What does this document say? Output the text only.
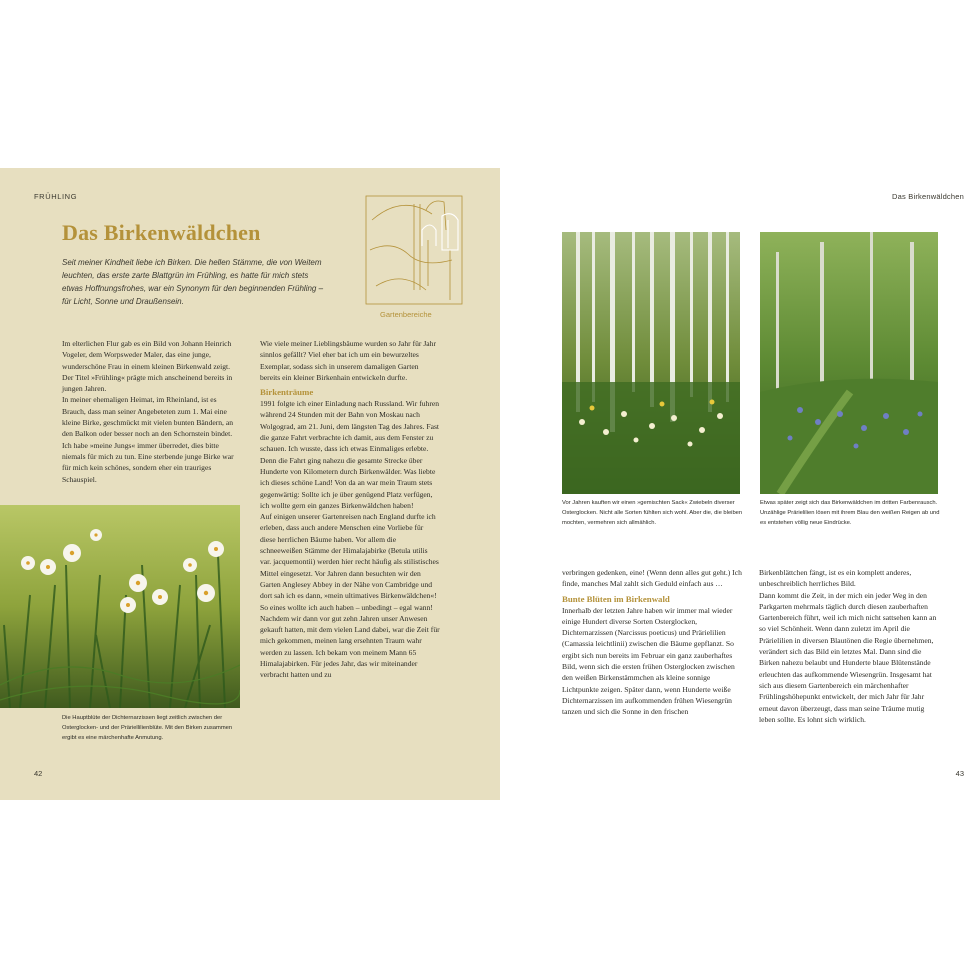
FRÜHLING
Das Birkenwäldchen
Seit meiner Kindheit liebe ich Birken. Die hellen Stämme, die von Weitem leuchten, das erste zarte Blattgrün im Frühling, es hatte für mich stets etwas Hoffnungsfrohes, war ein Synonym für den beginnenden Frühling – für Licht, Sonne und Draußensein.
Gartenbereiche

Im elterlichen Flur gab es ein Bild von Johann Heinrich Vogeler, dem Worpsweder Maler, das eine junge, wunderschöne Frau in einem kleinen Birkenwald zeigt. Der Titel »Frühling« prägte mich anscheinend bereits in jungen Jahren.

In meiner ehemaligen Heimat, im Rheinland, ist es Brauch, dass man seiner Angebeteten zum 1. Mai eine kleine Birke, geschmückt mit vielen bunten Bändern, an den Balkon oder besser noch an den Schornstein bindet. Ich habe »meine Jungs« immer überredet, dies bitte niemals für mich zu tun. Eine sterbende junge Birke war für mich kein schönes, sondern eher ein trauriges Schauspiel.

Wie viele meiner Lieblingsbäume wurden so Jahr für Jahr sinnlos gefällt? Viel eher bat ich um ein bewurzeltes Exemplar, sodass sich in unserem damaligen Garten bereits ein kleiner Birkenhain entwickeln durfte.

Birkenträume

1991 folgte ich einer Einladung nach Russland. Wir fuhren während 24 Stunden mit der Bahn von Moskau nach Wolgograd, am 21. Juni, dem längsten Tag des Jahres. Fast die ganze Fahrt verbrachte ich damit, aus dem Fenster zu schauen. Ich wusste, dass ich etwas Einmaliges erlebte. Denn die Fahrt ging nahezu die gesamte Strecke über Hunderte von Kilometern durch Birkenwälder. Was liebte ich dieses schöne Land! Von da an war mein Traum stets gegenwärtig: Sollte ich je über genügend Platz verfügen, ich wollte gern ein ganzes Birkenwäldchen haben!

Auf einigen unserer Gartenreisen nach England durfte ich erleben, dass auch andere Menschen eine Vorliebe für diese herrlichen Bäume haben. Vor allem die schneeweißen Stämme der Himalajabirke (Betula utilis var. jacquemontii) werden hier recht häufig als stilistisches Mittel eingesetzt. Vor Jahren dann besuchten wir den Garten Anglesey Abbey in der Nähe von Cambridge und dort sah ich es dann, »mein ultimatives Birkenwäldchen«! So eines wollte ich auch haben – unbedingt – egal wann!

Nachdem wir dann vor gut zehn Jahren unser Anwesen gekauft hatten, mit dem vielen Land dabei, war die Zeit für mich gekommen, meinen lang ersehnten Traum wahr werden zu lassen. Ich bekam von meinem Mann 65 Himalajabirken. Für jedes Jahr, das wir miteinander verbracht hatten und zu

Die Hauptblüte der Dichternarzissen liegt zeitlich zwischen der Osterglocken- und der Präriellilienblüte. Mit den Birken zusammen ergibt es eine märchenhafte Anmutung.
42
Das Birkenwäldchen
Vor Jahren kauften wir einen »gemischten Sack« Zwiebeln diverser Osterglocken. Nicht alle Sorten fühlten sich wohl. Aber die, die bleiben mochten, vermehren sich allmählich.
Etwas später zeigt sich das Birkenwäldchen im dritten Farbenrausch. Unzählige Prärielilien lösen mit ihrem Blau den weißen Reigen ab und es entstehen völlig neue Eindrücke.

verbringen gedenken, eine! (Wenn denn alles gut geht.) Ich finde, manches Mal zahlt sich Geduld einfach aus …

Bunte Blüten im Birkenwald

Innerhalb der letzten Jahre haben wir immer mal wieder einige Hundert diverse Sorten Osterglocken, Dichternarzissen (Narcissus poeticus) und Prärielilien (Camassia leichtlinii) zwischen die Bäume gepflanzt. So ergibt sich nun bereits im Februar ein ganz zauberhaftes Bild, wenn sich die ersten frühen Osterglocken zwischen den weißen Birkenstämmchen als kleine sonnige Lichtpunkte zeigen. Später dann, wenn Hunderte weiße Dichternarzissen im aufkommenden frühen Wiesengrün tanzen und sich die Sonne in den frischen

Birkenblättchen fängt, ist es ein komplett anderes, unbeschreiblich herrliches Bild.

Dann kommt die Zeit, in der mich ein jeder Weg in den Parkgarten mehrmals täglich durch diesen zauberhaften Gartenbereich führt, weil ich mich nicht sattsehen kann an so viel Schönheit. Wenn dann zuletzt im April die Prärielilien in diversen Blautönen die Regie übernehmen, verändert sich das Bild ein letztes Mal. Dann sind die Birken nahezu belaubt und Hunderte blaue Blütenstände erleuchten das aufkommende Wiesengrün. Insgesamt hat sich aus diesem Gartenbereich ein märchenhafter Frühlingshöhepunkt entwickelt, der mich Jahr für Jahr erneut davon überzeugt, dass man seine Träume mutig leben sollte. Es lohnt sich wirklich.

43
